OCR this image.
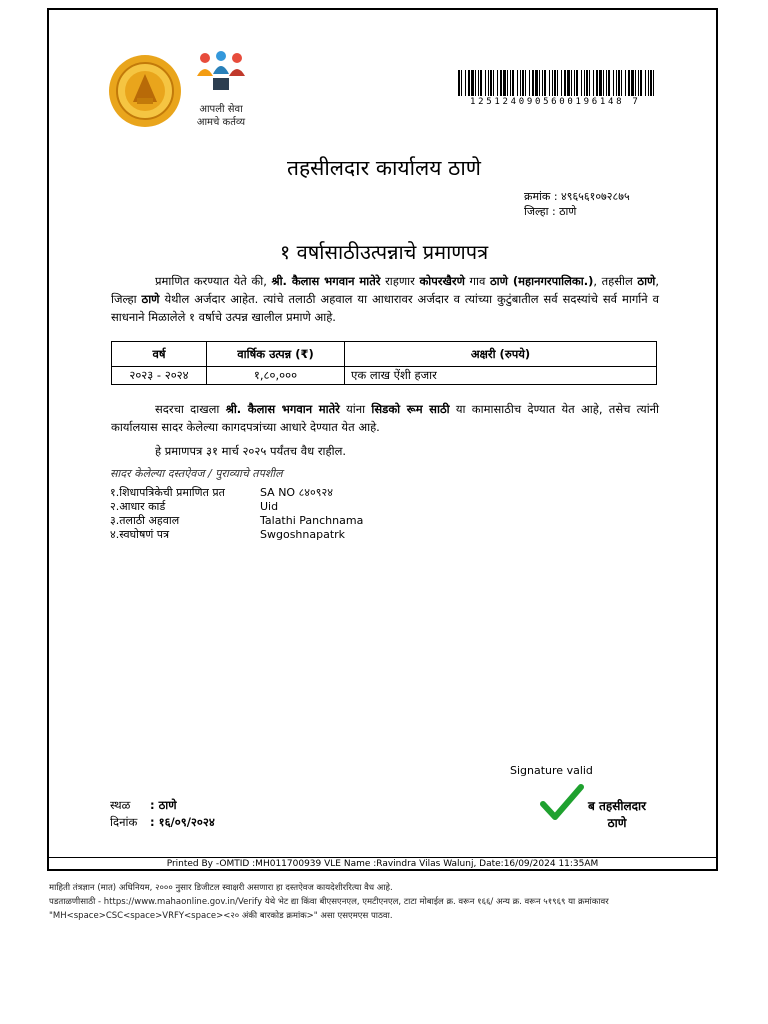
आपली सेवा
आमचे कर्तव्य
1251240905600196148 7
तहसीलदार कार्यालय ठाणे
क्रमांक : ४९६५६१०७२८७५
जिल्हा : ठाणे
१ वर्षासाठीउत्पन्नाचे प्रमाणपत्र
प्रमाणित करण्यात येते की, श्री. कैलास भगवान मातेरे राहणार कोपरखैरणे गाव ठाणे (महानगरपालिका.), तहसील ठाणे, जिल्हा ठाणे येथील अर्जदार आहेत. त्यांचे तलाठी अहवाल या आधारावर अर्जदार व त्यांच्या कुटुंबातील सर्व सदस्यांचे सर्व मार्गाने व साधनाने मिळालेले १ वर्षाचे उत्पन्न खालील प्रमाणे आहे.
वर्ष	वार्षिक उत्पन्न (₹)	अक्षरी (रुपये)
२०२३ - २०२४	१,८०,०००	एक लाख ऐंशी हजार
सदरचा दाखला श्री. कैलास भगवान मातेरे यांना सिडको रूम साठी या कामासाठीच देण्यात येत आहे, तसेच त्यांनी कार्यालयास सादर केलेल्या कागदपत्रांच्या आधारे देण्यात येत आहे.
हे प्रमाणपत्र ३१ मार्च २०२५ पर्यंतच वैध राहील.
सादर केलेल्या दस्तऐवज / पुराव्याचे तपशील
१.शिधापत्रिकेची प्रमाणित प्रत	SA NO ८४०९२४
२.आधार कार्ड	Uid
३.तलाठी अहवाल	Talathi Panchnama
४.स्वघोषणं पत्र	Swgoshnapatrk
Signature valid
ब तहसीलदार
ठाणे
स्थळ : ठाणे
दिनांक : १६/०९/२०२४
Printed By -OMTID :MH011700939 VLE Name :Ravindra Vilas Walunj, Date:16/09/2024 11:35AM
माहिती तंत्रज्ञान (मात) अधिनियम, २००० नुसार डिजीटल स्वाक्षरी असणारा हा दस्तऐवज कायदेशीररित्या वैध आहे.
पडताळणीसाठी - https://www.mahaonline.gov.in/Verify येथे भेट द्या किंवा बीएसएनएल, एमटीएनएल, टाटा मोबाईल क्र. वरून १६६/ अन्य क्र. वरून ५१९६९ या क्रमांकावर
"MH<space>CSC<space>VRFY<space><२० अंकी बारकोड क्रमांक>" असा एसएमएस पाठवा.
